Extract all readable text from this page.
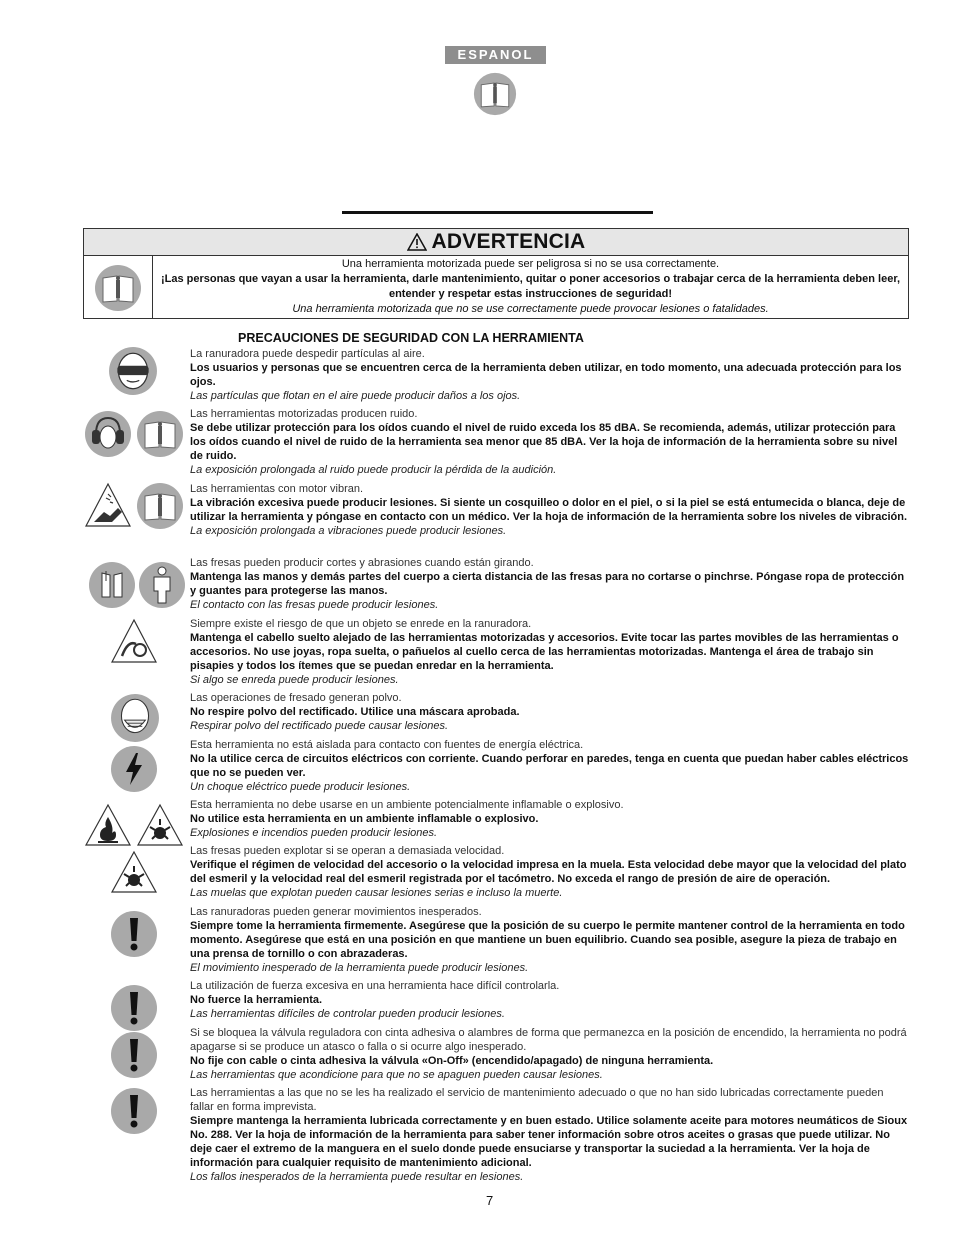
ESPANOL
ADVERTENCIA
Una herramienta motorizada puede ser peligrosa si no se usa correctamente.
¡Las personas que vayan a usar la herramienta, darle mantenimiento, quitar o poner accesorios o trabajar cerca de la herramienta deben leer, entender y respetar estas instrucciones de seguridad!
Una herramienta motorizada que no se use correctamente puede provocar lesiones o fatalidades.
PRECAUCIONES DE SEGURIDAD CON LA HERRAMIENTA
La ranuradora puede despedir partículas al aire.
Los usuarios y personas que se encuentren cerca de la herramienta deben utilizar, en todo momento, una adecuada protección para los ojos.
Las partículas que flotan en el aire puede producir daños a los ojos.
Las herramientas motorizadas producen ruido.
Se debe utilizar protección para los oídos cuando el nivel de ruido exceda los 85 dBA. Se recomienda, además, utilizar protección para los oídos cuando el nivel de ruido de la herramienta sea menor que 85 dBA. Ver la hoja de información de la herramienta sobre su nivel de ruido.
La exposición prolongada al ruido puede producir la pérdida de la audición.
Las herramientas con motor vibran.
La vibración excesiva puede producir lesiones. Si siente un cosquilleo o dolor en el piel, o si la piel se está entumecida o blanca, deje de utilizar la herramienta y póngase en contacto con un médico. Ver la hoja de información de la herramienta sobre los niveles de vibración.
La exposición prolongada a vibraciones puede producir lesiones.
Las fresas pueden producir cortes y abrasiones cuando están girando.
Mantenga las manos y demás partes del cuerpo a cierta distancia de las fresas para no cortarse o pinchrse. Póngase ropa de protección y guantes para protegerse las manos.
El contacto con las fresas puede producir lesiones.
Siempre existe el riesgo de que un objeto se enrede en la ranuradora.
Mantenga el cabello suelto alejado de las herramientas motorizadas y accesorios. Evite tocar las partes movibles de las herramientas o accesorios. No use joyas, ropa suelta, o pañuelos al cuello cerca de las herramientas motorizadas. Mantenga el área de trabajo sin pisapies y todos los ítemes que se puedan enredar en la herramienta.
Si algo se enreda puede producir lesiones.
Las operaciones de fresado generan polvo.
No respire polvo del rectificado. Utilice una máscara aprobada.
Respirar polvo del rectificado puede causar lesiones.
Esta herramienta no está aislada para contacto con fuentes de energía eléctrica.
No la utilice cerca de circuitos eléctricos con corriente. Cuando perforar en paredes, tenga en cuenta que puedan haber cables eléctricos que no se pueden ver.
Un choque eléctrico puede producir lesiones.
Esta herramienta no debe usarse en un ambiente potencialmente inflamable o explosivo.
No utilice esta herramienta en un ambiente inflamable o explosivo.
Explosiones e incendios pueden producir lesiones.
Las fresas pueden explotar si se operan a demasiada velocidad.
Verifique el régimen de velocidad del accesorio o la velocidad impresa en la muela. Esta velocidad debe mayor que la velocidad del plato del esmeril y la velocidad real del esmeril registrada por el tacómetro. No exceda el rango de presión de aire de operación.
Las muelas que explotan pueden causar lesiones serias e incluso la muerte.
Las ranuradoras pueden generar movimientos inesperados.
Siempre tome la herramienta firmemente. Asegúrese que la posición de su cuerpo le permite mantener control de la herramienta en todo momento. Asegúrese que está en una posición en que mantiene un buen equilibrio. Cuando sea posible, asegure la pieza de trabajo en una prensa de tornillo o con abrazaderas.
El movimiento inesperado de la herramienta puede producir lesiones.
La utilización de fuerza excesiva en una herramienta hace difícil controlarla.
No fuerce la herramienta.
Las herramientas difíciles de controlar pueden producir lesiones.
Si se bloquea la válvula reguladora con cinta adhesiva o alambres de forma que permanezca en la posición de encendido, la herramienta no podrá apagarse si se produce un atasco o falla o si ocurre algo inesperado.
No fije con cable o cinta adhesiva la válvula «On-Off» (encendido/apagado) de ninguna herramienta.
Las herramientas que acondicione para que no se apaguen pueden causar lesiones.
Las herramientas a las que no se les ha realizado el servicio de mantenimiento adecuado o que no han sido lubricadas correctamente pueden fallar en forma imprevista.
Siempre mantenga la herramienta lubricada correctamente y en buen estado. Utilice solamente aceite para motores neumáticos de Sioux No. 288. Ver la hoja de información de la herramienta para saber tener información sobre otros aceites o grasas que puede utilizar. No deje caer el extremo de la manguera en el suelo donde puede ensuciarse y transportar la suciedad a la herramienta. Ver la hoja de información para cualquier requisito de mantenimiento adicional.
Los fallos inesperados de la herramienta puede resultar en lesiones.
7
